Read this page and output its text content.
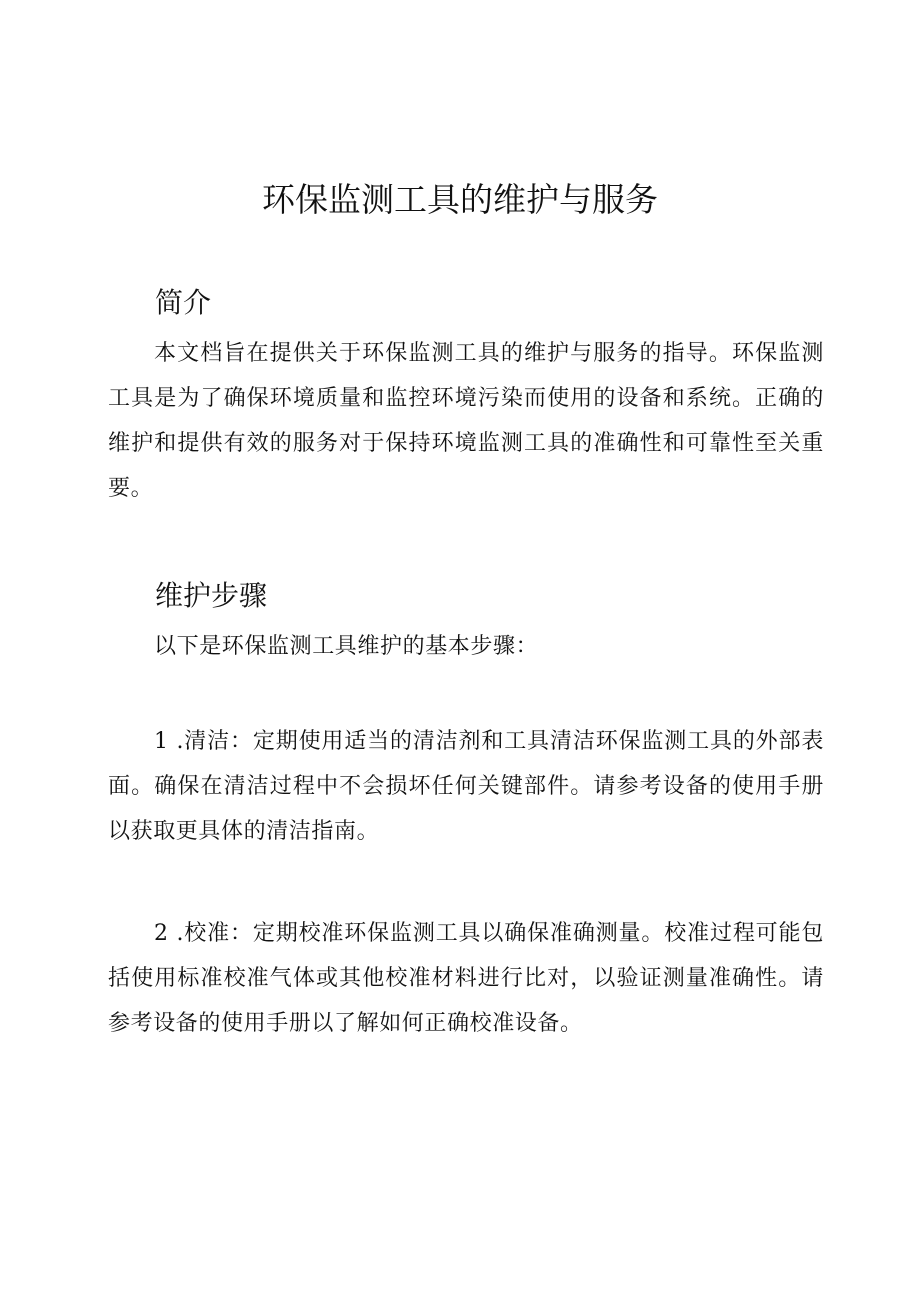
环保监测工具的维护与服务
简介

本文档旨在提供关于环保监测工具的维护与服务的指导。环保监测工具是为了确保环境质量和监控环境污染而使用的设备和系统。正确的维护和提供有效的服务对于保持环境监测工具的准确性和可靠性至关重要。

维护步骤

以下是环保监测工具维护的基本步骤：

1 .清洁：定期使用适当的清洁剂和工具清洁环保监测工具的外部表面。确保在清洁过程中不会损坏任何关键部件。请参考设备的使用手册以获取更具体的清洁指南。

2 .校准：定期校准环保监测工具以确保准确测量。校准过程可能包括使用标准校准气体或其他校准材料进行比对，以验证测量准确性。请参考设备的使用手册以了解如何正确校准设备。
